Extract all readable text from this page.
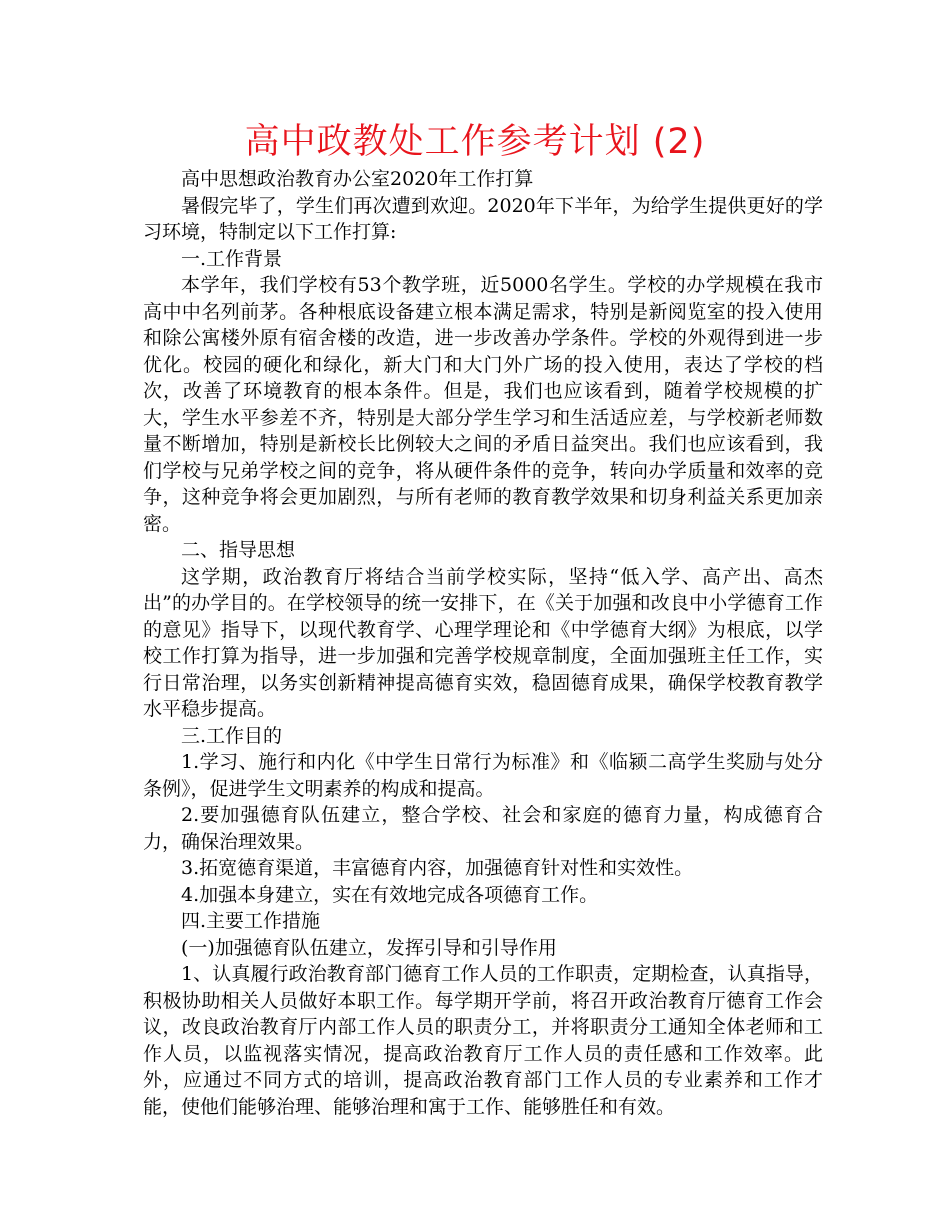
高中政教处工作参考计划 (2)

高中思想政治教育办公室2020年工作打算

暑假完毕了，学生们再次遭到欢迎。2020年下半年，为给学生提供更好的学习环境，特制定以下工作打算:

一.工作背景

本学年，我们学校有53个教学班，近5000名学生。学校的办学规模在我市高中中名列前茅。各种根底设备建立根本满足需求，特别是新阅览室的投入使用和除公寓楼外原有宿舍楼的改造，进一步改善办学条件。学校的外观得到进一步优化。校园的硬化和绿化，新大门和大门外广场的投入使用，表达了学校的档次，改善了环境教育的根本条件。但是，我们也应该看到，随着学校规模的扩大，学生水平参差不齐，特别是大部分学生学习和生活适应差，与学校新老师数量不断增加，特别是新校长比例较大之间的矛盾日益突出。我们也应该看到，我们学校与兄弟学校之间的竞争，将从硬件条件的竞争，转向办学质量和效率的竞争，这种竞争将会更加剧烈，与所有老师的教育教学效果和切身利益关系更加亲密。

二、指导思想

这学期，政治教育厅将结合当前学校实际，坚持“低入学、高产出、高杰出”的办学目的。在学校领导的统一安排下，在《关于加强和改良中小学德育工作的意见》指导下，以现代教育学、心理学理论和《中学德育大纲》为根底，以学校工作打算为指导，进一步加强和完善学校规章制度，全面加强班主任工作，实行日常治理，以务实创新精神提高德育实效，稳固德育成果，确保学校教育教学水平稳步提高。

三.工作目的

1.学习、施行和内化《中学生日常行为标准》和《临颍二高学生奖励与处分条例》，促进学生文明素养的构成和提高。

2.要加强德育队伍建立，整合学校、社会和家庭的德育力量，构成德育合力，确保治理效果。

3.拓宽德育渠道，丰富德育内容，加强德育针对性和实效性。

4.加强本身建立，实在有效地完成各项德育工作。

四.主要工作措施

(一)加强德育队伍建立，发挥引导和引导作用

1、认真履行政治教育部门德育工作人员的工作职责，定期检查，认真指导，积极协助相关人员做好本职工作。每学期开学前，将召开政治教育厅德育工作会议，改良政治教育厅内部工作人员的职责分工，并将职责分工通知全体老师和工作人员，以监视落实情况，提高政治教育厅工作人员的责任感和工作效率。此外，应通过不同方式的培训，提高政治教育部门工作人员的专业素养和工作才能，使他们能够治理、能够治理和寓于工作、能够胜任和有效。
